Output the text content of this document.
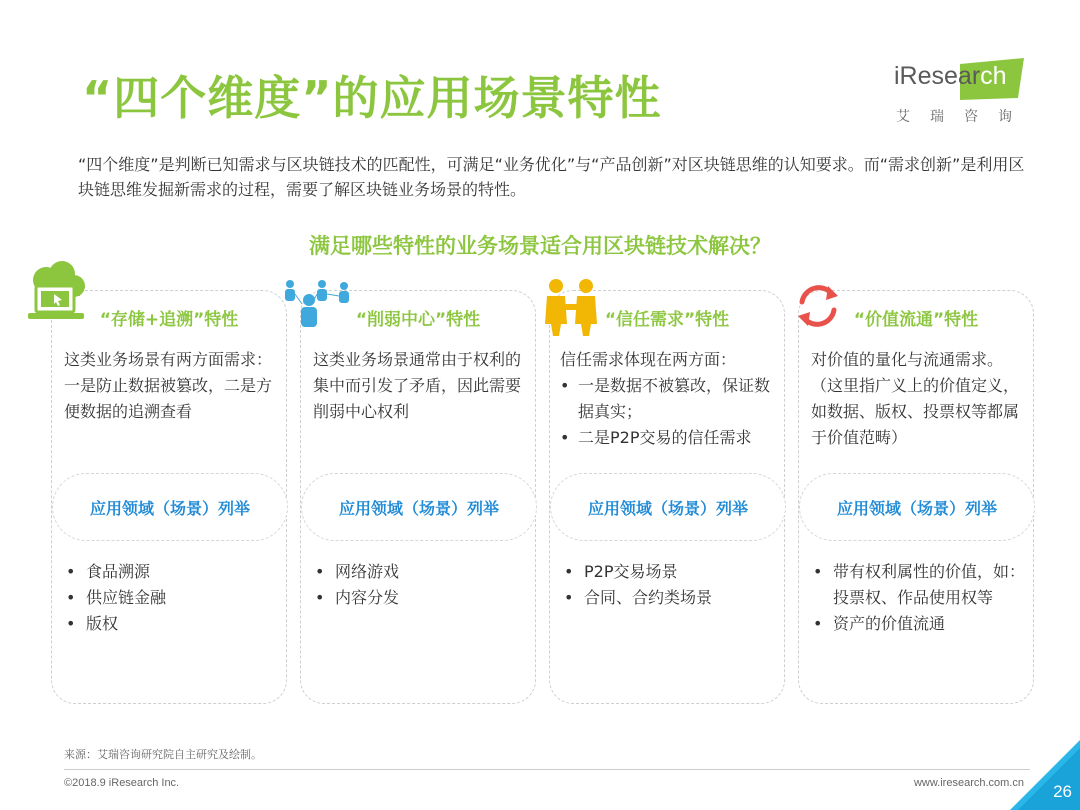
“四个维度”的应用场景特性	iResearch
艾瑞咨询
“四个维度”是判断已知需求与区块链技术的匹配性，可满足“业务优化”与“产品创新”对区块链思维的认知要求。而“需求创新”是利用区块链思维发掘新需求的过程，需要了解区块链业务场景的特性。
满足哪些特性的业务场景适合用区块链技术解决？
“存储+追溯”特性
这类业务场景有两方面需求：一是防止数据被篡改，二是方便数据的追溯查看
应用领域（场景）列举
• 食品溯源
• 供应链金融
• 版权
“削弱中心”特性
这类业务场景通常由于权利的集中而引发了矛盾，因此需要削弱中心权利
应用领域（场景）列举
• 网络游戏
• 内容分发
“信任需求”特性
信任需求体现在两方面：
• 一是数据不被篡改，保证数据真实；
• 二是P2P交易的信任需求
应用领域（场景）列举
• P2P交易场景
• 合同、合约类场景
“价值流通”特性
对价值的量化与流通需求。（这里指广义上的价值定义，如数据、版权、投票权等都属于价值范畴）
应用领域（场景）列举
• 带有权利属性的价值，如：投票权、作品使用权等
• 资产的价值流通
来源：艾瑞咨询研究院自主研究及绘制。
©2018.9 iResearch Inc.	www.iresearch.com.cn 26
